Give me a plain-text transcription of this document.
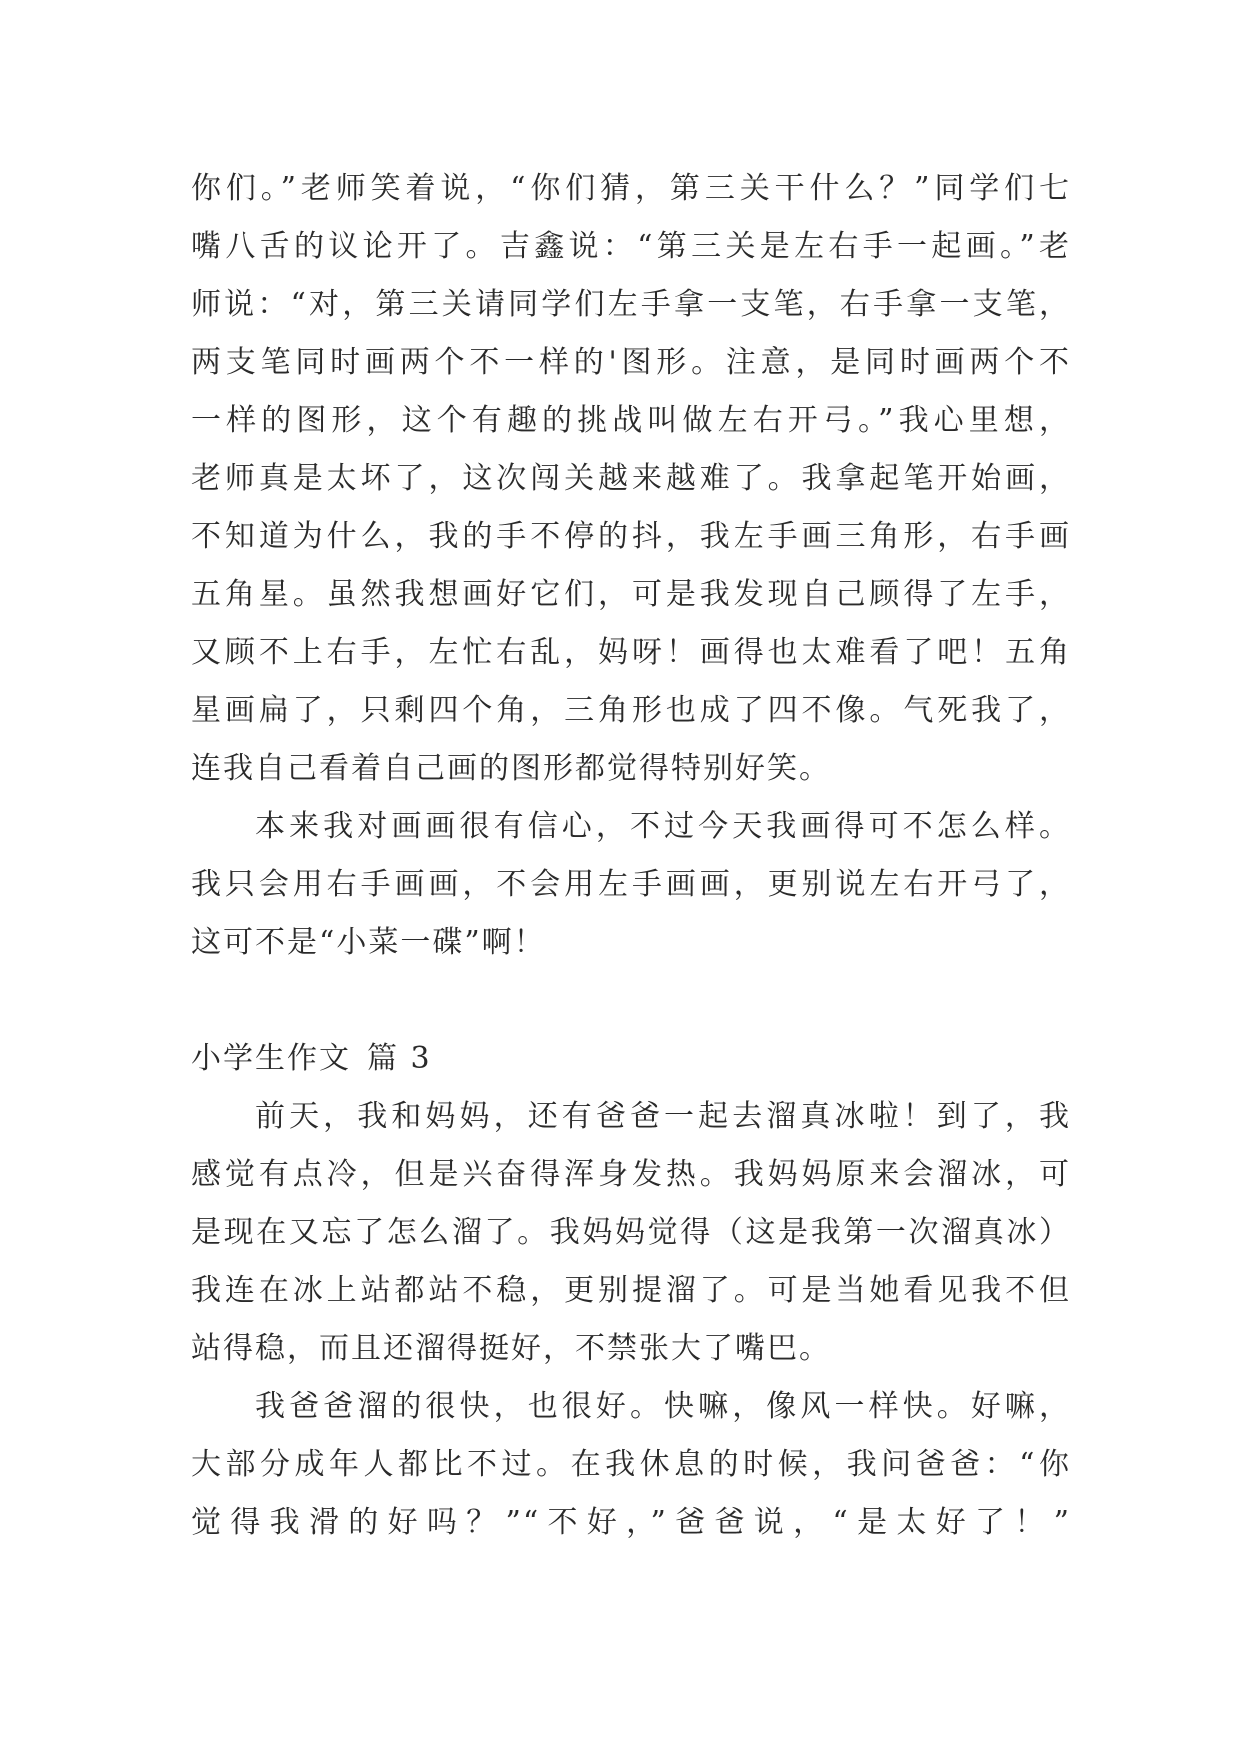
你们。”老师笑着说，“你们猜，第三关干什么？”同学们七
嘴八舌的议论开了。吉鑫说：“第三关是左右手一起画。”老
师说：“对，第三关请同学们左手拿一支笔，右手拿一支笔，
两支笔同时画两个不一样的'图形。注意，是同时画两个不
一样的图形，这个有趣的挑战叫做左右开弓。”我心里想，
老师真是太坏了，这次闯关越来越难了。我拿起笔开始画，
不知道为什么，我的手不停的抖，我左手画三角形，右手画
五角星。虽然我想画好它们，可是我发现自己顾得了左手，
又顾不上右手，左忙右乱，妈呀！画得也太难看了吧！五角
星画扁了，只剩四个角，三角形也成了四不像。气死我了，
连我自己看着自己画的图形都觉得特别好笑。
本来我对画画很有信心，不过今天我画得可不怎么样。
我只会用右手画画，不会用左手画画，更别说左右开弓了，
这可不是“小菜一碟”啊！
小学生作文 篇 3
前天，我和妈妈，还有爸爸一起去溜真冰啦！到了，我
感觉有点冷，但是兴奋得浑身发热。我妈妈原来会溜冰，可
是现在又忘了怎么溜了。我妈妈觉得（这是我第一次溜真冰）
我连在冰上站都站不稳，更别提溜了。可是当她看见我不但
站得稳，而且还溜得挺好，不禁张大了嘴巴。
我爸爸溜的很快，也很好。快嘛，像风一样快。好嘛，
大部分成年人都比不过。在我休息的时候，我问爸爸：“你
觉得我滑的好吗？”“不好，”爸爸说，“是太好了！”
